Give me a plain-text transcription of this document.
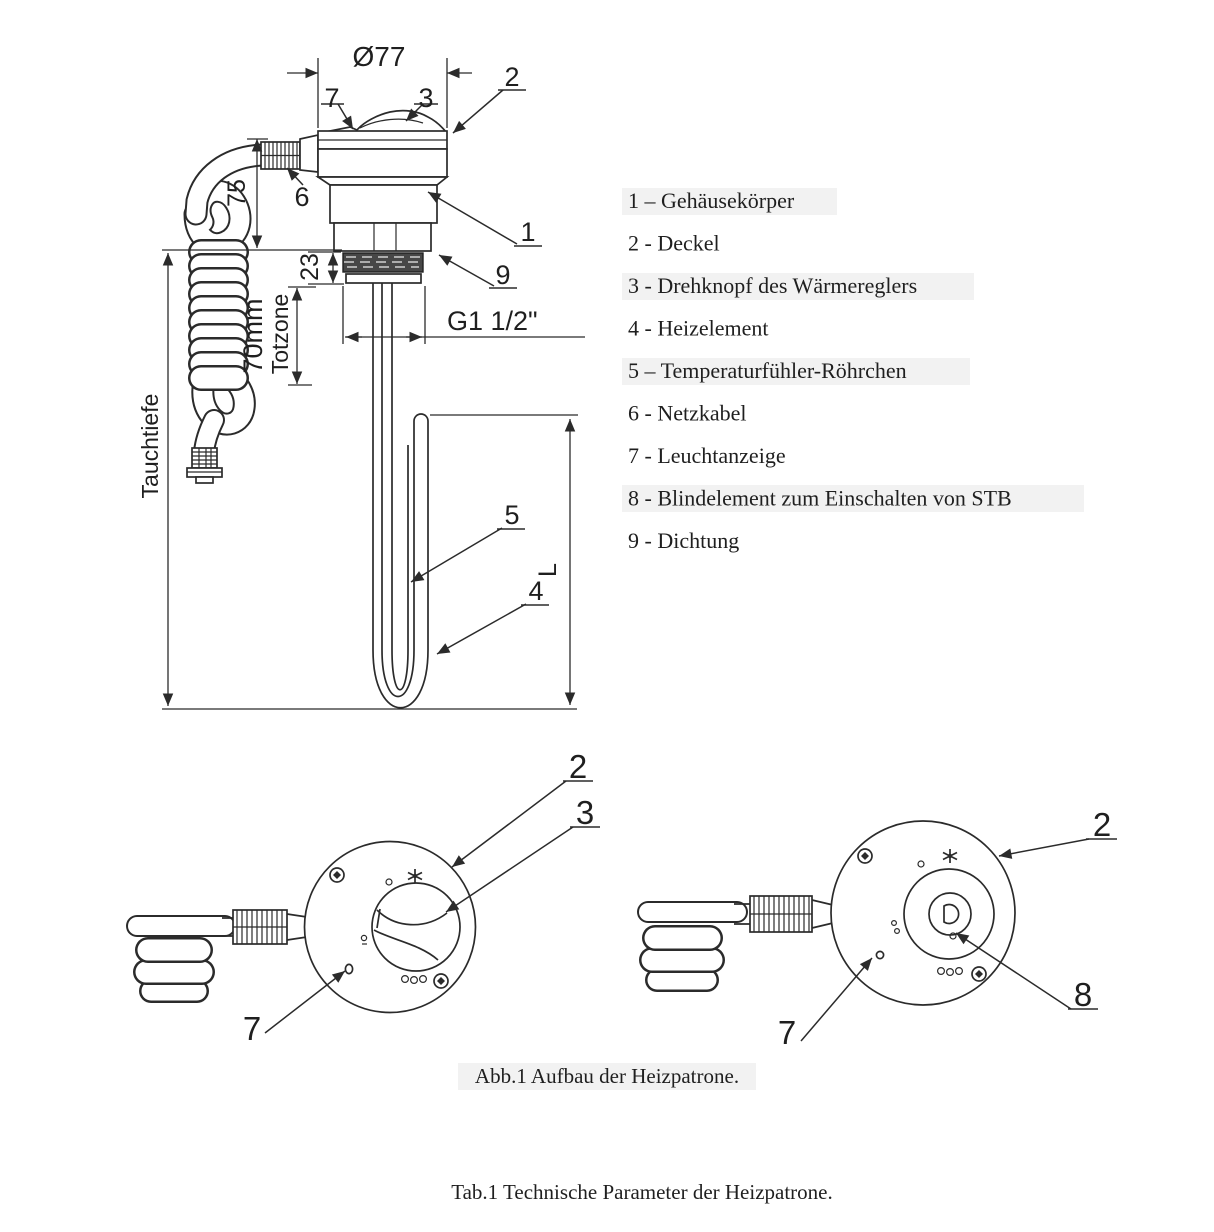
Ø77
75
23
70mm Totzone	G1 1/2"
Tauchtiefe
L
7	3
2
1
9
6
5
4
2
3
7
2
7
8
1 – Gehäusekörper
2 - Deckel
3 - Drehknopf des Wärmereglers
4 - Heizelement
5 – Temperaturfühler-Röhrchen
6 - Netzkabel
7 - Leuchtanzeige
8 - Blindelement zum Einschalten von STB
9 - Dichtung
Abb.1 Aufbau der Heizpatrone.
Tab.1 Technische Parameter der Heizpatrone.
